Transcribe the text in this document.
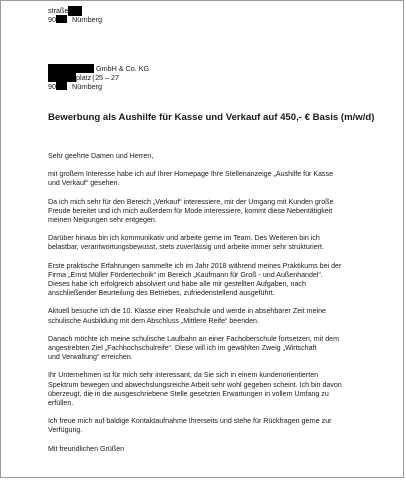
straße
90 Nürnberg
GmbH & Co. KG
platz | 25 – 27
90 Nürnberg
Bewerbung als Aushilfe für Kasse und Verkauf auf 450,- € Basis (m/w/d)

Sehr geehrte Damen und Herren,

mit großem Interesse habe ich auf Ihrer Homepage Ihre Stellenanzeige „Aushilfe für Kasse
und Verkauf“ gesehen.

Da ich mich sehr für den Bereich „Verkauf“ interessiere, mir der Umgang mit Kunden große
Freude bereitet und ich mich außerdem für Mode interessiere, kommt diese Nebentätigkeit
meinen Neigungen sehr entgegen.

Darüber hinaus bin ich kommunikativ und arbeite gerne im Team. Des Weiteren bin ich
belastbar, verantwortungsbewusst, stets zuverlässig und arbeite immer sehr strukturiert.

Erste praktische Erfahrungen sammelte ich im Jahr 2018 während meines Praktikums bei der
Firma „Ernst Müller Fördertechnik“ im Bereich „Kaufmann für Groß - und Außenhandel“.
Dieses habe ich erfolgreich absolviert und habe alle mir gestellten Aufgaben, nach
anschließender Beurteilung des Betriebes, zufriedenstellend ausgeführt.

Aktuell besuche ich die 10. Klasse einer Realschule und werde in absehbarer Zeit meine
schulische Ausbildung mit dem Abschluss „Mittlere Reife“ beenden.

Danach möchte ich meine schulische Laufbahn an einer Fachoberschule fortsetzen, mit dem
angestrebten Ziel „Fachhochschulreife“. Diese will ich im gewählten Zweig „Wirtschaft
und Verwaltung“ erreichen.

Ihr Unternehmen ist für mich sehr interessant, da Sie sich in einem kundenorientierten
Spektrum bewegen und abwechslungsreiche Arbeit sehr wohl gegeben scheint. Ich bin davon
überzeugt, die in die ausgeschriebene Stelle gesetzten Erwartungen in vollem Umfang zu
erfüllen.

Ich freue mich auf baldige Kontaktaufnahme Ihrerseits und stehe für Rückfragen gerne zur
Verfügung.

Mit freundlichen Grüßen
